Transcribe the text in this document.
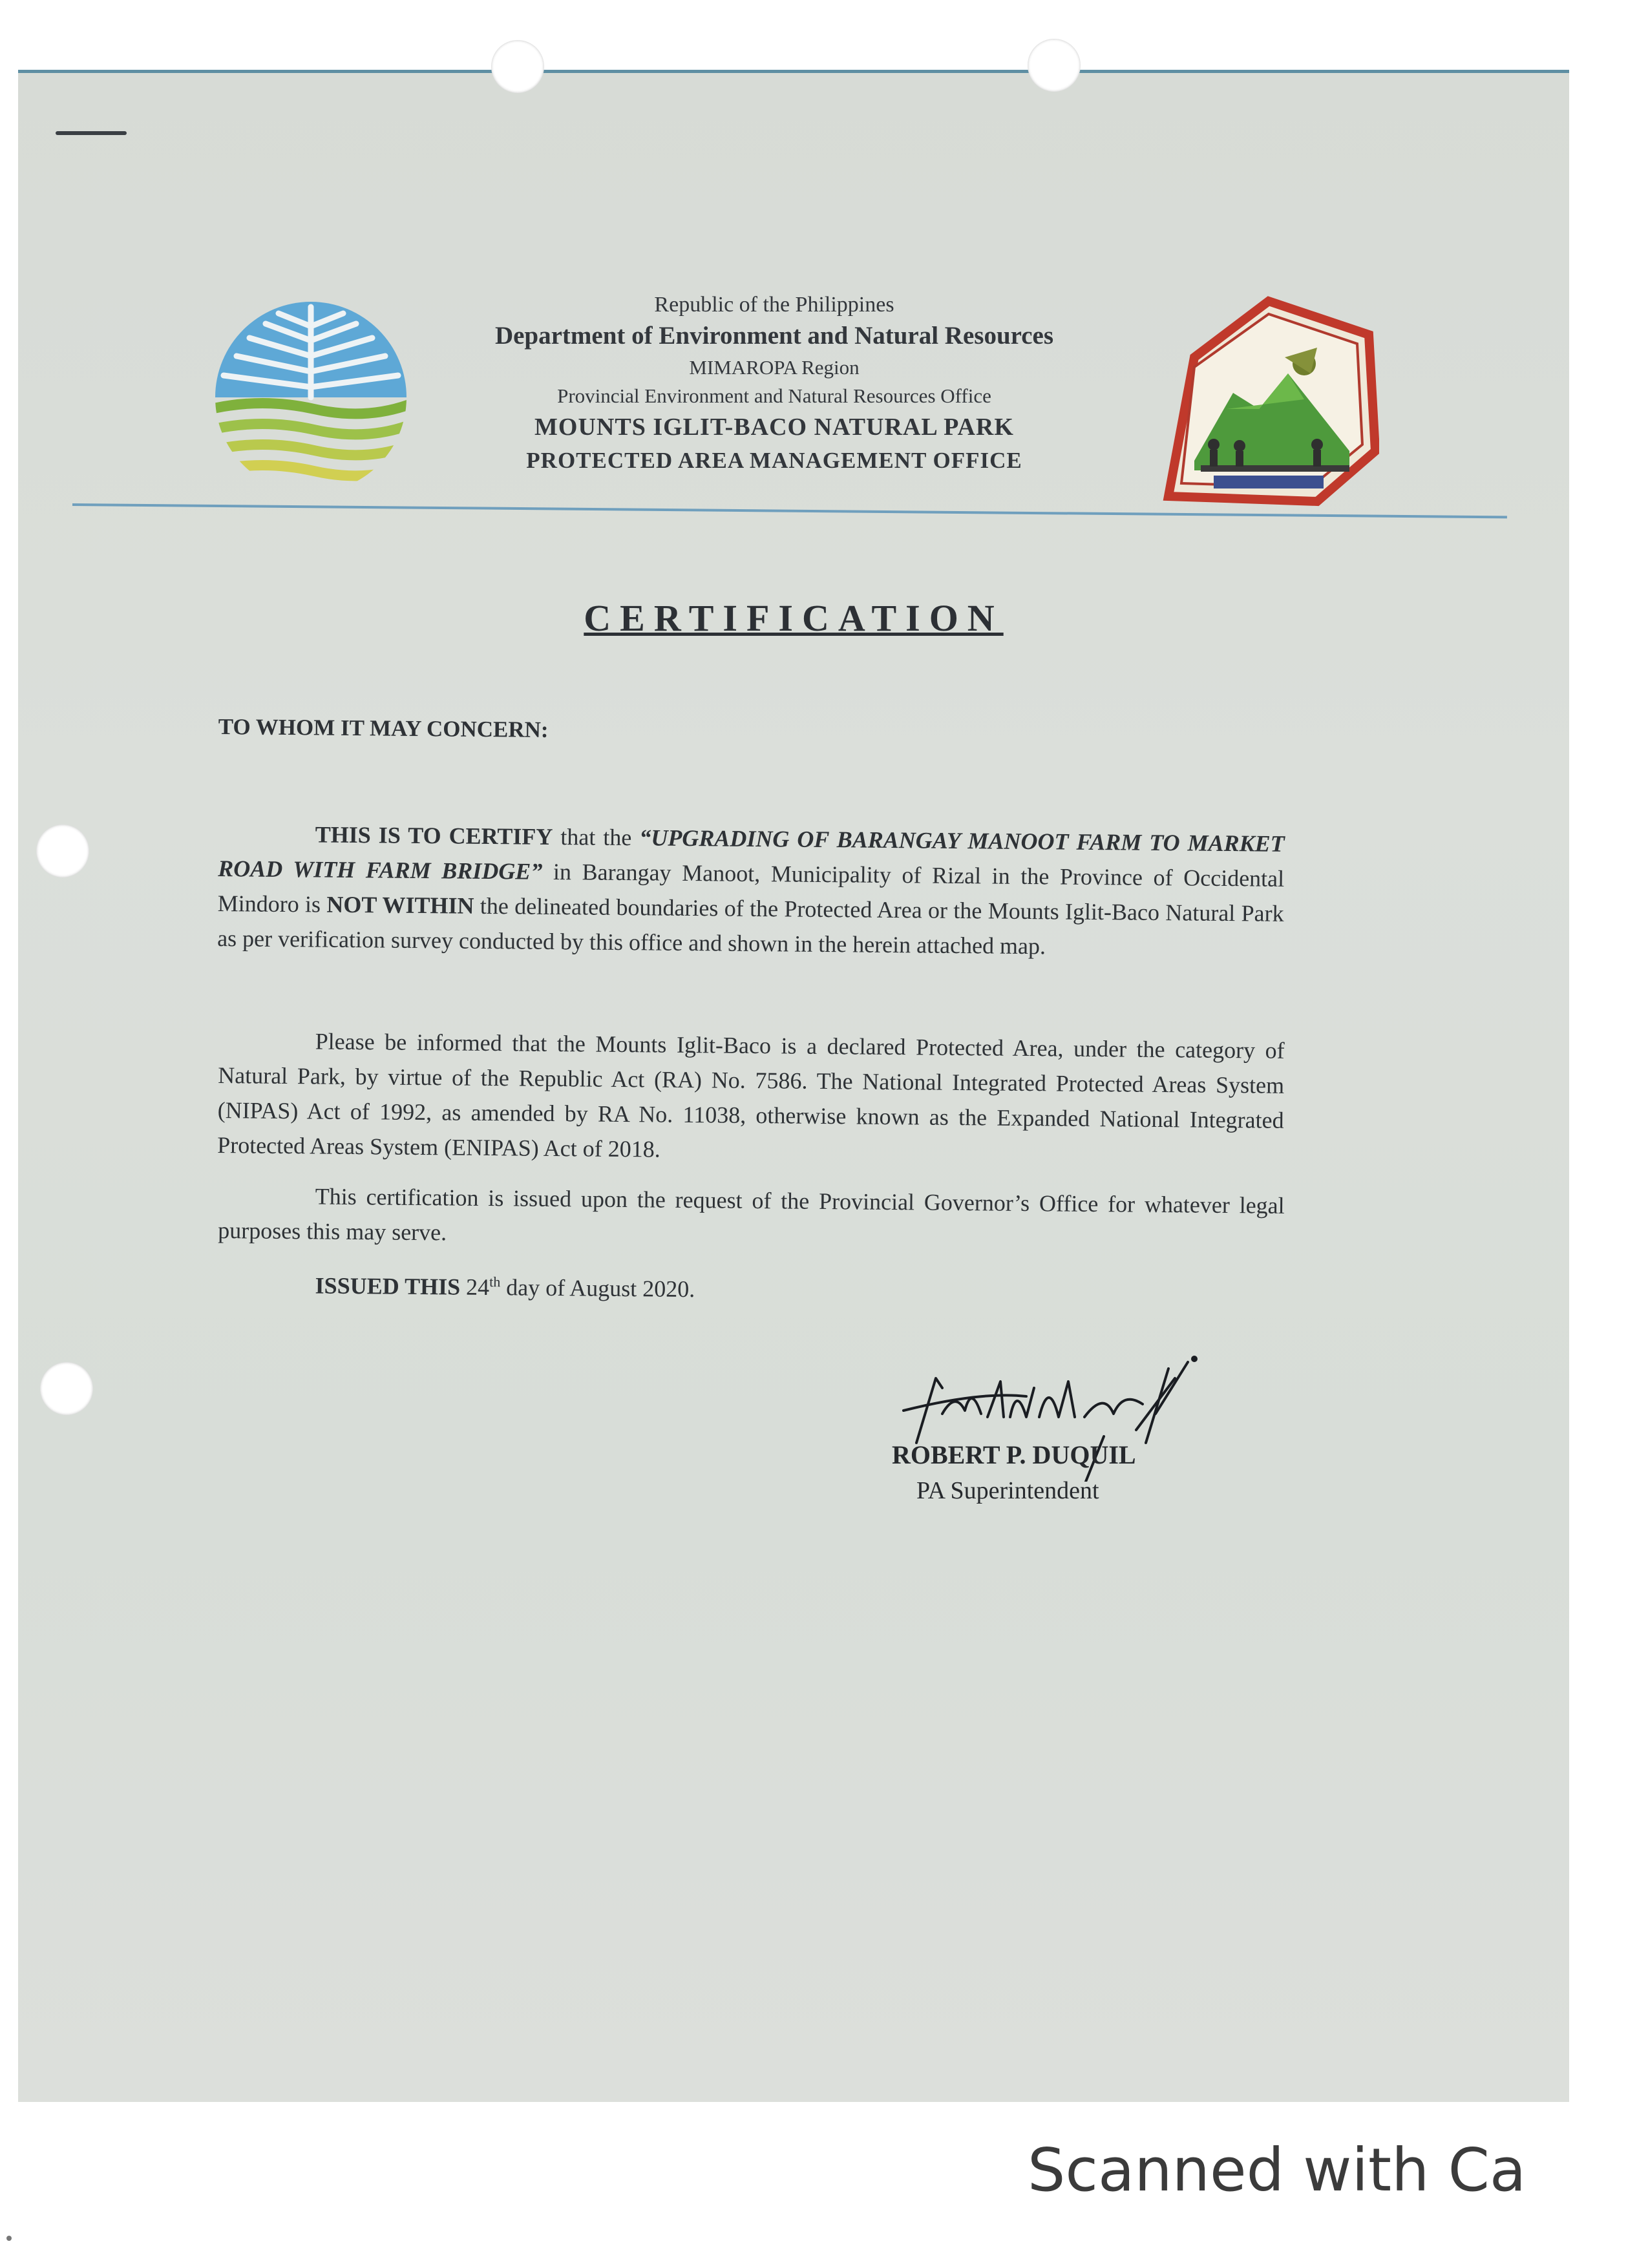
Republic of the Philippines
Department of Environment and Natural Resources
MIMAROPA Region
Provincial Environment and Natural Resources Office
MOUNTS IGLIT-BACO NATURAL PARK
PROTECTED AREA MANAGEMENT OFFICE
CERTIFICATION
TO WHOM IT MAY CONCERN:
THIS IS TO CERTIFY that the “UPGRADING OF BARANGAY MANOOT FARM TO MARKET ROAD WITH FARM BRIDGE” in Barangay Manoot, Municipality of Rizal in the Province of Occidental Mindoro is NOT WITHIN the delineated boundaries of the Protected Area or the Mounts Iglit-Baco Natural Park as per verification survey conducted by this office and shown in the herein attached map.
Please be informed that the Mounts Iglit-Baco is a declared Protected Area, under the category of Natural Park, by virtue of the Republic Act (RA) No. 7586. The National Integrated Protected Areas System (NIPAS) Act of 1992, as amended by RA No. 11038, otherwise known as the Expanded National Integrated Protected Areas System (ENIPAS) Act of 2018.
This certification is issued upon the request of the Provincial Governor’s Office for whatever legal purposes this may serve.
ISSUED THIS 24th day of August 2020.
ROBERT P. DUQUIL
PA Superintendent
Scanned with Ca
